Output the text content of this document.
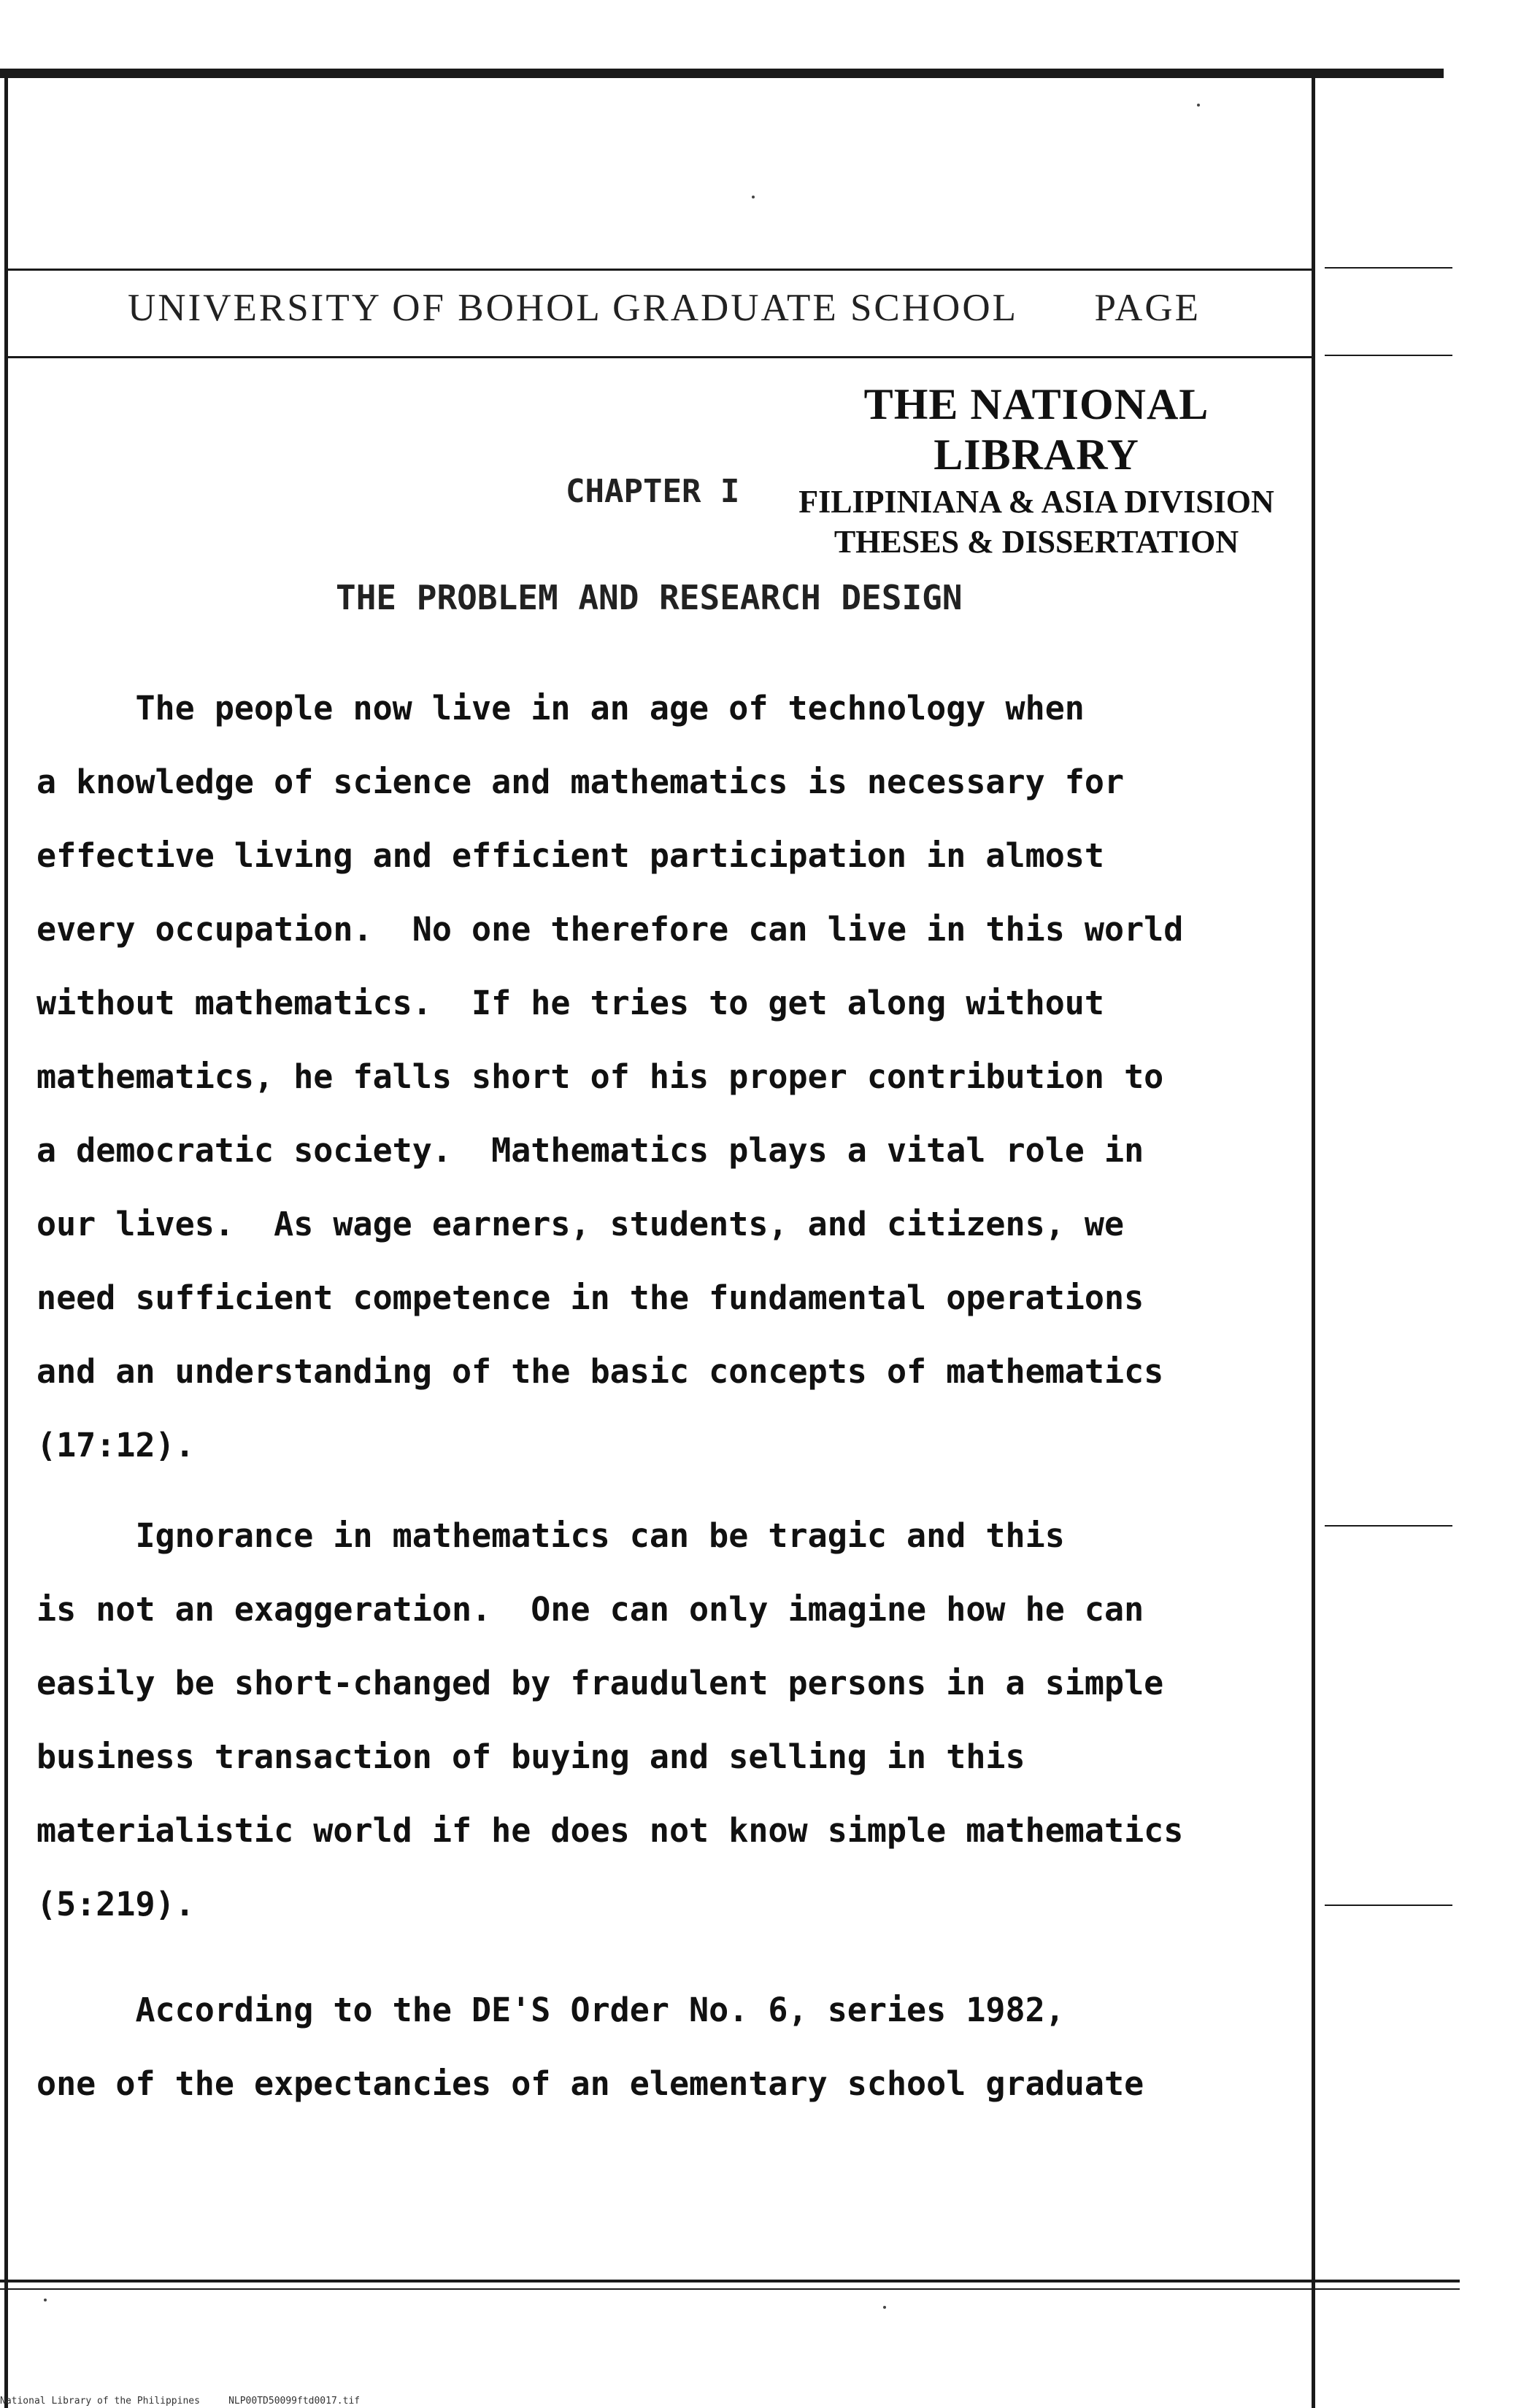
UNIVERSITY OF BOHOL GRADUATE SCHOOL PAGE
THE NATIONAL LIBRARY
FILIPINIANA & ASIA DIVISION
THESES & DISSERTATION
CHAPTER I
THE PROBLEM AND RESEARCH DESIGN
The people now live in an age of technology when
a knowledge of science and mathematics is necessary for
effective living and efficient participation in almost
every occupation.  No one therefore can live in this world
without mathematics.  If he tries to get along without
mathematics, he falls short of his proper contribution to
a democratic society.  Mathematics plays a vital role in
our lives.  As wage earners, students, and citizens, we
need sufficient competence in the fundamental operations
and an understanding of the basic concepts of mathematics
(17:12).
Ignorance in mathematics can be tragic and this
is not an exaggeration.  One can only imagine how he can
easily be short-changed by fraudulent persons in a simple
business transaction of buying and selling in this
materialistic world if he does not know simple mathematics
(5:219).
According to the DE'S Order No. 6, series 1982,
one of the expectancies of an elementary school graduate
National Library of the Philippines	NLP00TD50099ftd0017.tif
